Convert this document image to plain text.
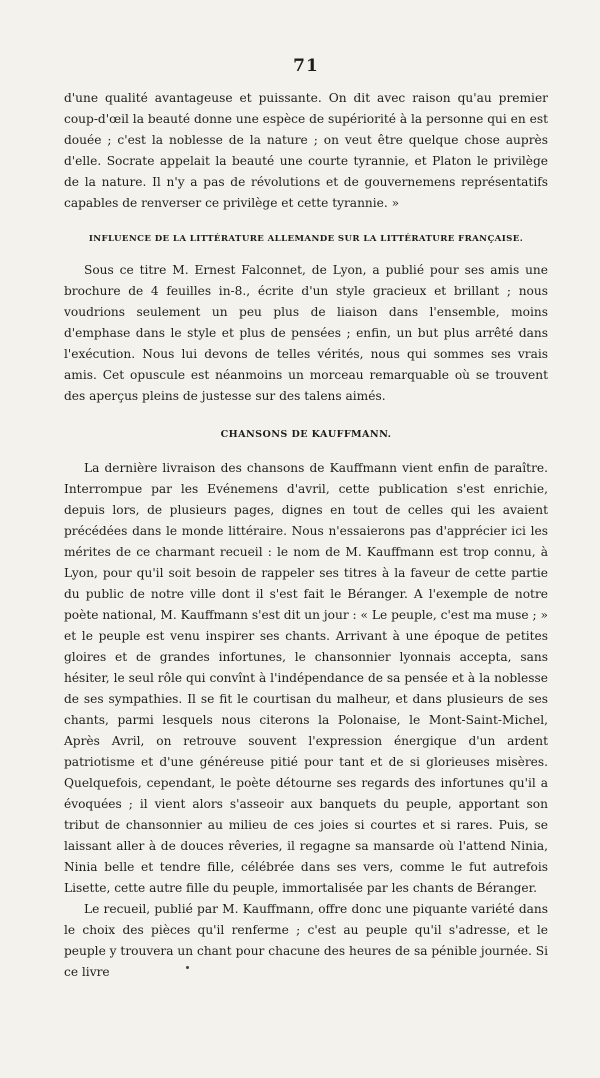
71

d'une qualité avantageuse et puissante. On dit avec raison qu'au premier coup-d'œil la beauté donne une espèce de supériorité à la personne qui en est douée ; c'est la noblesse de la nature ; on veut être quelque chose auprès d'elle. Socrate appelait la beauté une courte tyrannie, et Platon le privilège de la nature. Il n'y a pas de révolutions et de gouvernemens représentatifs capables de renverser ce privilège et cette tyrannie. »

INFLUENCE DE LA LITTÉRATURE ALLEMANDE SUR LA LITTÉRATURE FRANÇAISE.

Sous ce titre M. Ernest Falconnet, de Lyon, a publié pour ses amis une brochure de 4 feuilles in-8., écrite d'un style gracieux et brillant ; nous voudrions seulement un peu plus de liaison dans l'ensemble, moins d'emphase dans le style et plus de pensées ; enfin, un but plus arrêté dans l'exécution. Nous lui devons de telles vérités, nous qui sommes ses vrais amis. Cet opuscule est néanmoins un morceau remarquable où se trouvent des aperçus pleins de justesse sur des talens aimés.

CHANSONS DE KAUFFMANN.

La dernière livraison des chansons de Kauffmann vient enfin de paraître. Interrompue par les Evénemens d'avril, cette publication s'est enrichie, depuis lors, de plusieurs pages, dignes en tout de celles qui les avaient précédées dans le monde littéraire. Nous n'essaierons pas d'apprécier ici les mérites de ce charmant recueil : le nom de M. Kauffmann est trop connu, à Lyon, pour qu'il soit besoin de rappeler ses titres à la faveur de cette partie du public de notre ville dont il s'est fait le Béranger. A l'exemple de notre poète national, M. Kauffmann s'est dit un jour : « Le peuple, c'est ma muse ; » et le peuple est venu inspirer ses chants. Arrivant à une époque de petites gloires et de grandes infortunes, le chansonnier lyonnais accepta, sans hésiter, le seul rôle qui convînt à l'indépendance de sa pensée et à la noblesse de ses sympathies. Il se fit le courtisan du malheur, et dans plusieurs de ses chants, parmi lesquels nous citerons la Polonaise, le Mont-Saint-Michel, Après Avril, on retrouve souvent l'expression énergique d'un ardent patriotisme et d'une généreuse pitié pour tant et de si glorieuses misères. Quelquefois, cependant, le poète détourne ses regards des infortunes qu'il a évoquées ; il vient alors s'asseoir aux banquets du peuple, apportant son tribut de chansonnier au milieu de ces joies si courtes et si rares. Puis, se laissant aller à de douces rêveries, il regagne sa mansarde où l'attend Ninia, Ninia belle et tendre fille, célébrée dans ses vers, comme le fut autrefois Lisette, cette autre fille du peuple, immortalisée par les chants de Béranger.

Le recueil, publié par M. Kauffmann, offre donc une piquante variété dans le choix des pièces qu'il renferme ; c'est au peuple qu'il s'adresse, et le peuple y trouvera un chant pour chacune des heures de sa pénible journée. Si ce livre
